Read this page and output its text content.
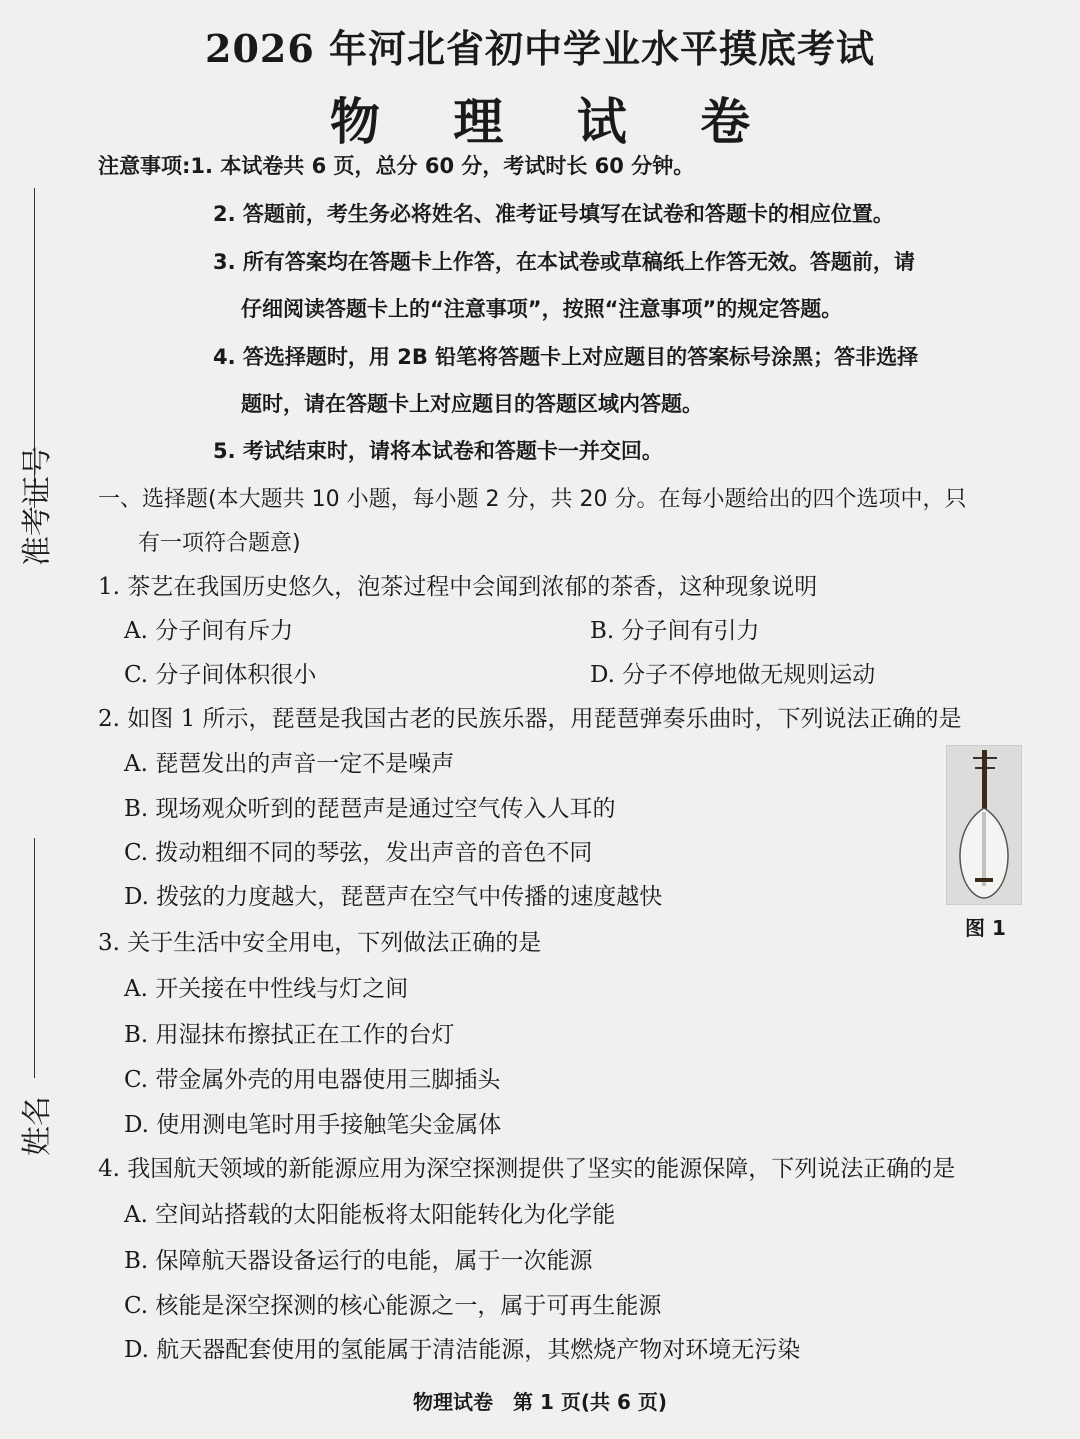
准考证号
姓名
2026 年河北省初中学业水平摸底考试
物 理 试 卷
注意事项:1. 本试卷共 6 页，总分 60 分，考试时长 60 分钟。
2. 答题前，考生务必将姓名、准考证号填写在试卷和答题卡的相应位置。
3. 所有答案均在答题卡上作答，在本试卷或草稿纸上作答无效。答题前，请
仔细阅读答题卡上的“注意事项”，按照“注意事项”的规定答题。
4. 答选择题时，用 2B 铅笔将答题卡上对应题目的答案标号涂黑；答非选择
题时，请在答题卡上对应题目的答题区域内答题。
5. 考试结束时，请将本试卷和答题卡一并交回。
一、选择题(本大题共 10 小题，每小题 2 分，共 20 分。在每小题给出的四个选项中，只
有一项符合题意)
1. 茶艺在我国历史悠久，泡茶过程中会闻到浓郁的茶香，这种现象说明
A. 分子间有斥力	B. 分子间有引力
C. 分子间体积很小	D. 分子不停地做无规则运动
2. 如图 1 所示，琵琶是我国古老的民族乐器，用琵琶弹奏乐曲时，下列说法正确的是
A. 琵琶发出的声音一定不是噪声
B. 现场观众听到的琵琶声是通过空气传入人耳的
C. 拨动粗细不同的琴弦，发出声音的音色不同
D. 拨弦的力度越大，琵琶声在空气中传播的速度越快
图 1
3. 关于生活中安全用电，下列做法正确的是
A. 开关接在中性线与灯之间
B. 用湿抹布擦拭正在工作的台灯
C. 带金属外壳的用电器使用三脚插头
D. 使用测电笔时用手接触笔尖金属体
4. 我国航天领域的新能源应用为深空探测提供了坚实的能源保障，下列说法正确的是
A. 空间站搭载的太阳能板将太阳能转化为化学能
B. 保障航天器设备运行的电能，属于一次能源
C. 核能是深空探测的核心能源之一，属于可再生能源
D. 航天器配套使用的氢能属于清洁能源，其燃烧产物对环境无污染
物理试卷　第 1 页(共 6 页)
